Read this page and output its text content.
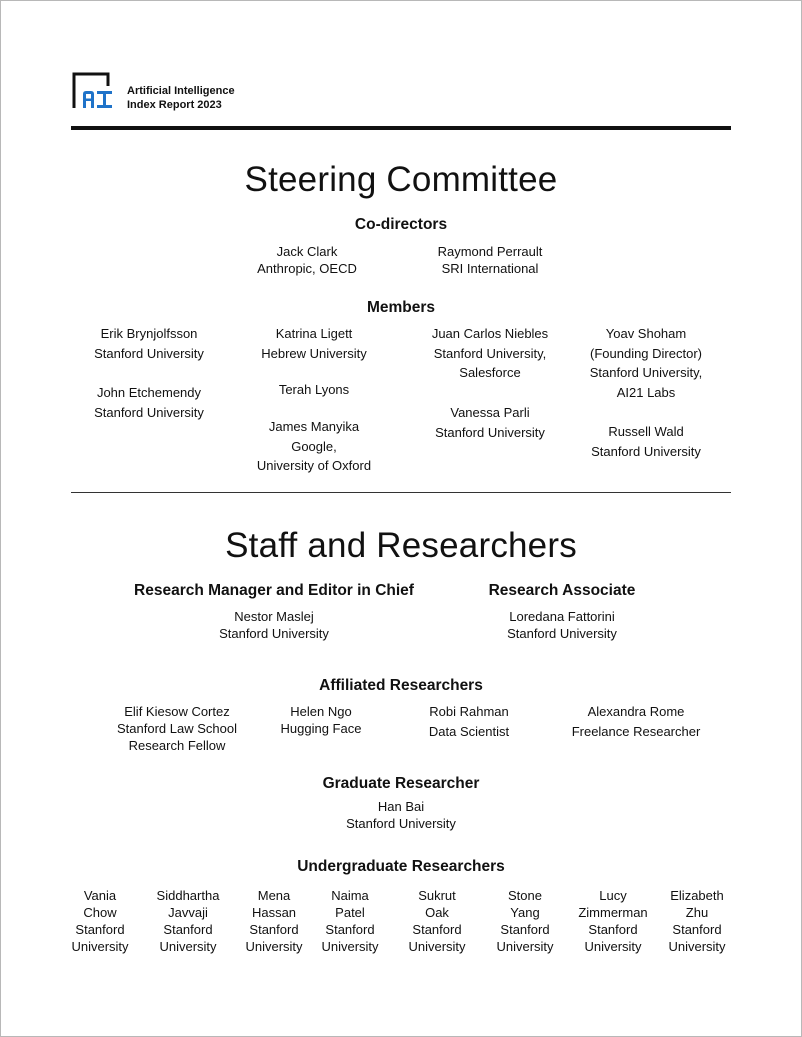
Artificial Intelligence
Index Report 2023
Steering Committee
Co-directors
Jack Clark
Anthropic, OECD
Raymond Perrault
SRI International
Members
Erik Brynjolfsson
Stanford University
John Etchemendy
Stanford University
Katrina Ligett
Hebrew University
Terah Lyons
James Manyika
Google,
University of Oxford
Juan Carlos Niebles
Stanford University,
Salesforce
Vanessa Parli
Stanford University
Yoav Shoham
(Founding Director)
Stanford University,
AI21 Labs
Russell Wald
Stanford University
Staff and Researchers
Research Manager and Editor in Chief
Nestor Maslej
Stanford University
Research Associate
Loredana Fattorini
Stanford University
Affiliated Researchers
Elif Kiesow Cortez
Stanford Law School
Research Fellow
Helen Ngo
Hugging Face
Robi Rahman
Data Scientist
Alexandra Rome
Freelance Researcher
Graduate Researcher
Han Bai
Stanford University
Undergraduate Researchers
Vania
Chow
Stanford
University
Siddhartha
Javvaji
Stanford
University
Mena
Hassan
Stanford
University
Naima
Patel
Stanford
University
Sukrut
Oak
Stanford
University
Stone
Yang
Stanford
University
Lucy
Zimmerman
Stanford
University
Elizabeth
Zhu
Stanford
University
